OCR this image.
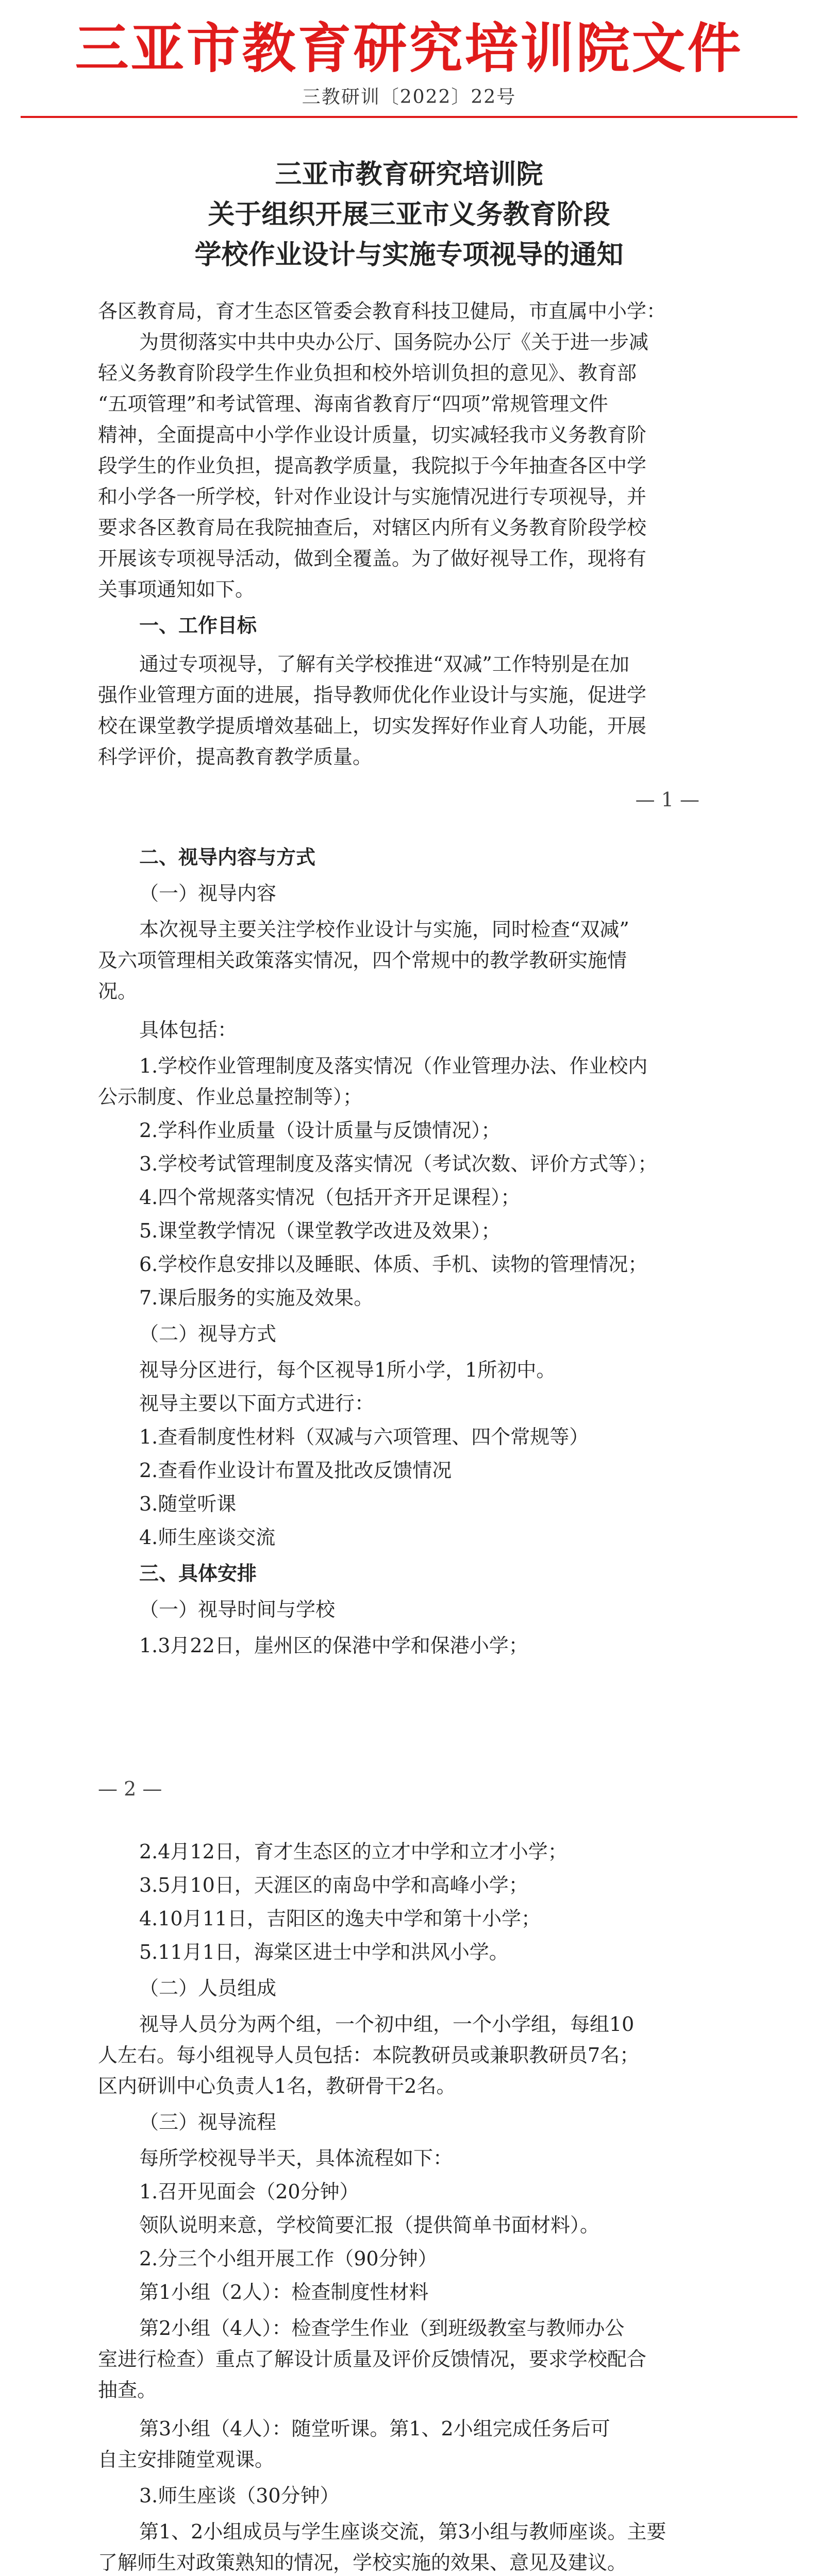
三亚市教育研究培训院文件
三教研训〔2022〕22号
三亚市教育研究培训院
关于组织开展三亚市义务教育阶段
学校作业设计与实施专项视导的通知
各区教育局，育才生态区管委会教育科技卫健局，市直属中小学：
为贯彻落实中共中央办公厅、国务院办公厅《关于进一步减
轻义务教育阶段学生作业负担和校外培训负担的意见》、教育部
“五项管理”和考试管理、海南省教育厅“四项”常规管理文件
精神，全面提高中小学作业设计质量，切实减轻我市义务教育阶
段学生的作业负担，提高教学质量，我院拟于今年抽查各区中学
和小学各一所学校，针对作业设计与实施情况进行专项视导，并
要求各区教育局在我院抽查后，对辖区内所有义务教育阶段学校
开展该专项视导活动，做到全覆盖。为了做好视导工作，现将有
关事项通知如下。
一、工作目标
通过专项视导，了解有关学校推进“双减”工作特别是在加
强作业管理方面的进展，指导教师优化作业设计与实施，促进学
校在课堂教学提质增效基础上，切实发挥好作业育人功能，开展
科学评价，提高教育教学质量。
— 1 —
二、视导内容与方式
（一）视导内容
本次视导主要关注学校作业设计与实施，同时检查“双减”
及六项管理相关政策落实情况，四个常规中的教学教研实施情
况。
具体包括：
1.学校作业管理制度及落实情况（作业管理办法、作业校内
公示制度、作业总量控制等）；
2.学科作业质量（设计质量与反馈情况）；
3.学校考试管理制度及落实情况（考试次数、评价方式等）；
4.四个常规落实情况（包括开齐开足课程）；
5.课堂教学情况（课堂教学改进及效果）；
6.学校作息安排以及睡眠、体质、手机、读物的管理情况；
7.课后服务的实施及效果。
（二）视导方式
视导分区进行，每个区视导1所小学，1所初中。
视导主要以下面方式进行：
1.查看制度性材料（双减与六项管理、四个常规等）
2.查看作业设计布置及批改反馈情况
3.随堂听课
4.师生座谈交流
三、具体安排
（一）视导时间与学校
1.3月22日，崖州区的保港中学和保港小学；
— 2 —
2.4月12日，育才生态区的立才中学和立才小学；
3.5月10日，天涯区的南岛中学和高峰小学；
4.10月11日，吉阳区的逸夫中学和第十小学；
5.11月1日，海棠区进士中学和洪风小学。
（二）人员组成
视导人员分为两个组，一个初中组，一个小学组，每组10
人左右。每小组视导人员包括：本院教研员或兼职教研员7名；
区内研训中心负责人1名，教研骨干2名。
（三）视导流程
每所学校视导半天，具体流程如下：
1.召开见面会（20分钟）
领队说明来意，学校简要汇报（提供简单书面材料）。
2.分三个小组开展工作（90分钟）
第1小组（2人）：检查制度性材料
第2小组（4人）：检查学生作业（到班级教室与教师办公
室进行检查）重点了解设计质量及评价反馈情况，要求学校配合
抽查。
第3小组（4人）：随堂听课。第1、2小组完成任务后可
自主安排随堂观课。
3.师生座谈（30分钟）
第1、2小组成员与学生座谈交流，第3小组与教师座谈。主要
了解师生对政策熟知的情况，学校实施的效果、意见及建议。
